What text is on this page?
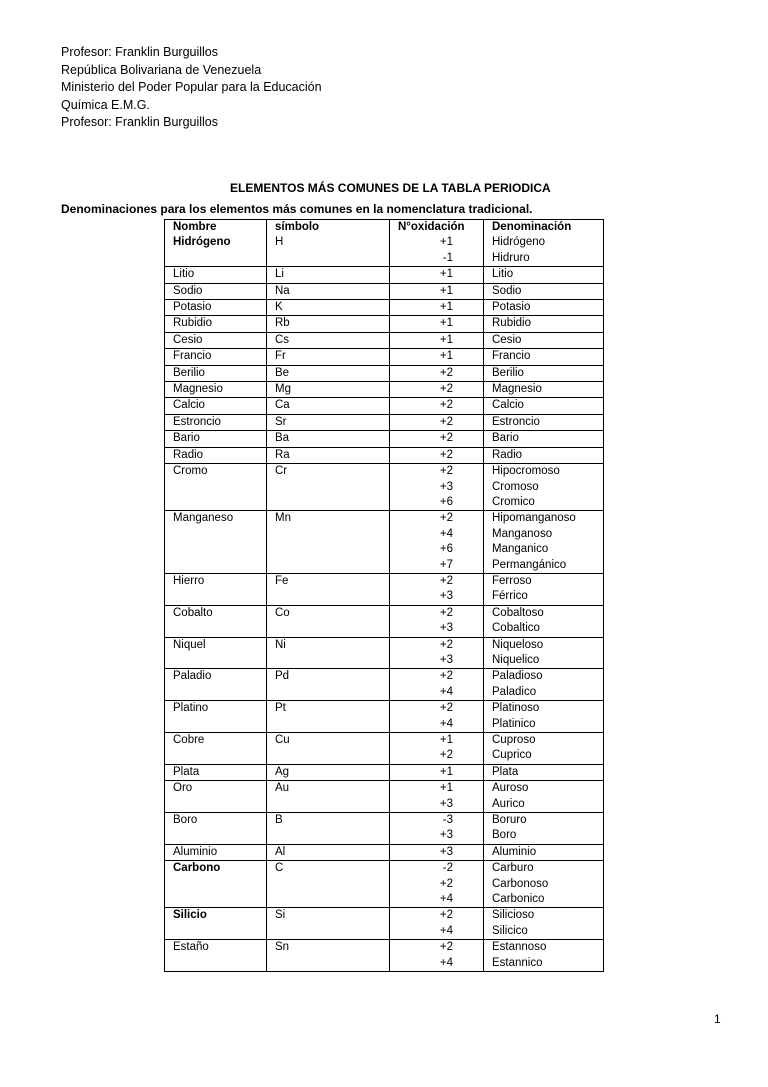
Profesor: Franklin Burguillos
República Bolivariana de Venezuela
Ministerio del Poder Popular para la Educación
Química E.M.G.
Profesor: Franklin Burguillos
ELEMENTOS MÁS COMUNES DE LA TABLA PERIODICA
Denominaciones para los elementos más comunes en la nomenclatura tradicional.
Nombre	símbolo	N°oxidación	Denominación
Hidrógeno	H	+1	Hidrógeno
		-1	Hidruro
Litio	Li	+1	Litio
Sodio	Na	+1	Sodio
Potasio	K	+1	Potasio
Rubidio	Rb	+1	Rubidio
Cesio	Cs	+1	Cesio
Francio	Fr	+1	Francio
Berilio	Be	+2	Berilio
Magnesio	Mg	+2	Magnesio
Calcio	Ca	+2	Calcio
Estroncio	Sr	+2	Estroncio
Bario	Ba	+2	Bario
Radio	Ra	+2	Radio
Cromo	Cr	+2	Hipocromoso
		+3	Cromoso
		+6	Cromico
Manganeso	Mn	+2	Hipomanganoso
		+4	Manganoso
		+6	Manganico
		+7	Permangánico
Hierro	Fe	+2	Ferroso
		+3	Férrico
Cobalto	Co	+2	Cobaltoso
		+3	Cobaltico
Niquel	Ni	+2	Niqueloso
		+3	Niquelico
Paladio	Pd	+2	Paladioso
		+4	Paladico
Platino	Pt	+2	Platinoso
		+4	Platinico
Cobre	Cu	+1	Cuproso
		+2	Cuprico
Plata	Ag	+1	Plata
Oro	Au	+1	Auroso
		+3	Aurico
Boro	B	-3	Boruro
		+3	Boro
Aluminio	Al	+3	Aluminio
Carbono	C	-2	Carburo
		+2	Carbonoso
		+4	Carbonico
Silicio	Si	+2	Silicioso
		+4	Silicico
Estaño	Sn	+2	Estannoso
		+4	Estannico
1
